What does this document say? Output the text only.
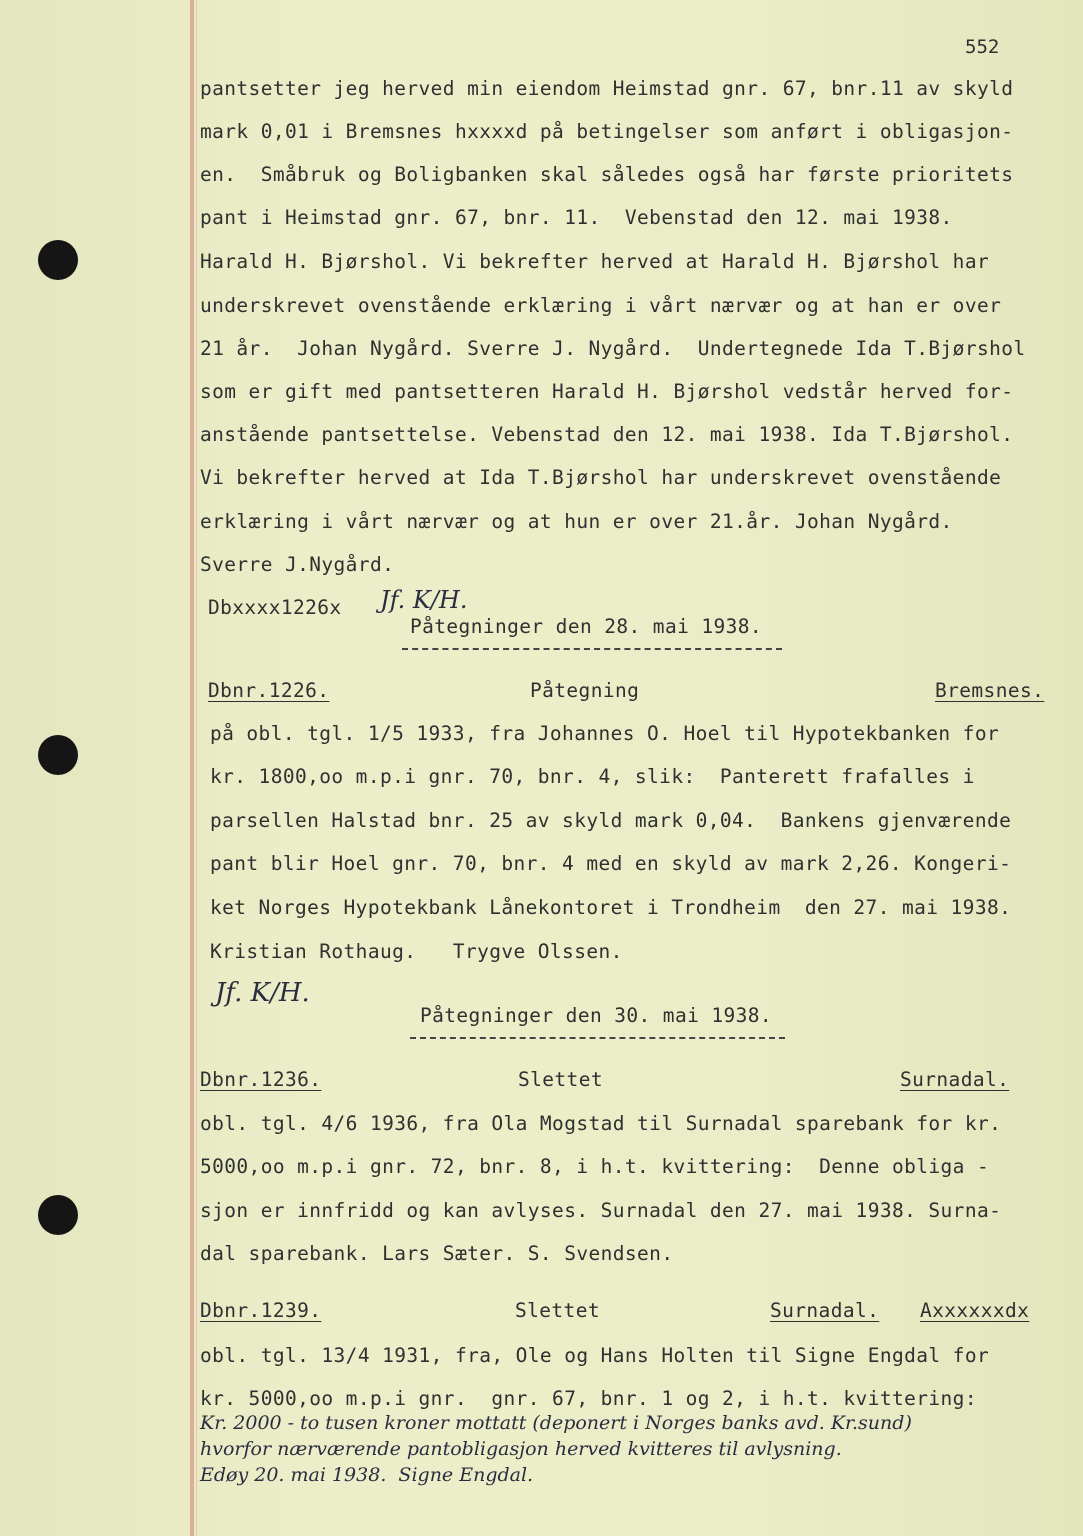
552
pantsetter jeg herved min eiendom Heimstad gnr. 67, bnr.11 av skyld
mark 0,01 i Bremsnes hxxxxd på betingelser som anført i obligasjon-
en.  Småbruk og Boligbanken skal således også har første prioritets
pant i Heimstad gnr. 67, bnr. 11.  Vebenstad den 12. mai 1938.
Harald H. Bjørshol. Vi bekrefter herved at Harald H. Bjørshol har
underskrevet ovenstående erklæring i vårt nærvær og at han er over
21 år.  Johan Nygård. Sverre J. Nygård.  Undertegnede Ida T.Bjørshol
som er gift med pantsetteren Harald H. Bjørshol vedstår herved for-
anstående pantsettelse. Vebenstad den 12. mai 1938. Ida T.Bjørshol.
Vi bekrefter herved at Ida T.Bjørshol har underskrevet ovenstående
erklæring i vårt nærvær og at hun er over 21.år. Johan Nygård.
Sverre J.Nygård.
Dbxxxx1226x Jf. K/H.
Påtegninger den 28. mai 1938.
Dbnr.1226.	Påtegning	Bremsnes.
på obl. tgl. 1/5 1933, fra Johannes O. Hoel til Hypotekbanken for
kr. 1800,oo m.p.i gnr. 70, bnr. 4, slik:  Panterett frafalles i
parsellen Halstad bnr. 25 av skyld mark 0,04.  Bankens gjenværende
pant blir Hoel gnr. 70, bnr. 4 med en skyld av mark 2,26. Kongeri-
ket Norges Hypotekbank Lånekontoret i Trondheim  den 27. mai 1938.
Kristian Rothaug.   Trygve Olssen.
Jf. K/H.
Påtegninger den 30. mai 1938.
Dbnr.1236.	Slettet	Surnadal.
obl. tgl. 4/6 1936, fra Ola Mogstad til Surnadal sparebank for kr.
5000,oo m.p.i gnr. 72, bnr. 8, i h.t. kvittering:  Denne obliga -
sjon er innfridd og kan avlyses. Surnadal den 27. mai 1938. Surna-
dal sparebank. Lars Sæter. S. Svendsen.
Dbnr.1239.	Slettet	Surnadal. Axxxxxxdx
obl. tgl. 13/4 1931, fra, Ole og Hans Holten til Signe Engdal for
kr. 5000,oo m.p.i gnr.  gnr. 67, bnr. 1 og 2, i h.t. kvittering:
Kr. 2000 - to tusen kroner mottatt (deponert i Norges banks avd. Kr.sund)
hvorfor nærværende pantobligasjon herved kvitteres til avlysning.
Edøy 20. mai 1938.  Signe Engdal.
